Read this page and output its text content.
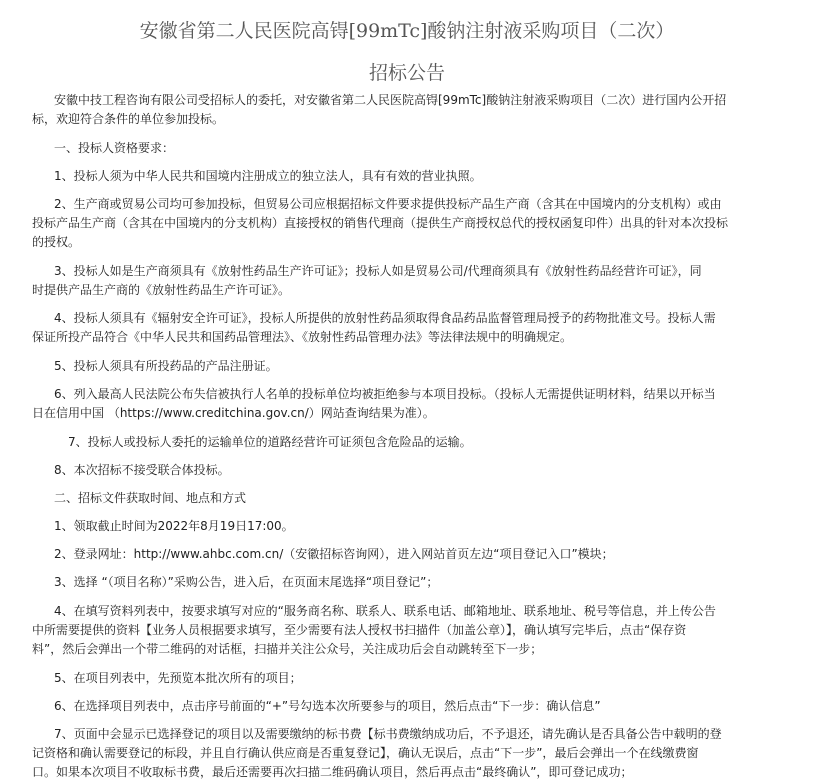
安徽省第二人民医院高锝[99mTc]酸钠注射液采购项目（二次）
招标公告
安徽中技工程咨询有限公司受招标人的委托，对安徽省第二人民医院高锝[99mTc]酸钠注射液采购项目（二次）进行国内公开招
标，欢迎符合条件的单位参加投标。
一、投标人资格要求：
1、投标人须为中华人民共和国境内注册成立的独立法人，具有有效的营业执照。
2、生产商或贸易公司均可参加投标，但贸易公司应根据招标文件要求提供投标产品生产商（含其在中国境内的分支机构）或由
投标产品生产商（含其在中国境内的分支机构）直接授权的销售代理商（提供生产商授权总代的授权函复印件）出具的针对本次投标
的授权。
3、投标人如是生产商须具有《放射性药品生产许可证》；投标人如是贸易公司/代理商须具有《放射性药品经营许可证》，同
时提供产品生产商的《放射性药品生产许可证》。
4、投标人须具有《辐射安全许可证》，投标人所提供的放射性药品须取得食品药品监督管理局授予的药物批准文号。投标人需
保证所投产品符合《中华人民共和国药品管理法》、《放射性药品管理办法》等法律法规中的明确规定。
5、投标人须具有所投药品的产品注册证。
6、列入最高人民法院公布失信被执行人名单的投标单位均被拒绝参与本项目投标。（投标人无需提供证明材料，结果以开标当
日在信用中国 （https://www.creditchina.gov.cn/）网站查询结果为准）。
7、投标人或投标人委托的运输单位的道路经营许可证须包含危险品的运输。
8、本次招标不接受联合体投标。
二、招标文件获取时间、地点和方式
1、领取截止时间为2022年8月19日17:00。
2、登录网址：http://www.ahbc.com.cn/（安徽招标咨询网），进入网站首页左边“项目登记入口”模块；
3、选择 “（项目名称）”采购公告，进入后，在页面末尾选择“项目登记”；
4、在填写资料列表中，按要求填写对应的“服务商名称、联系人、联系电话、邮箱地址、联系地址、税号等信息，并上传公告
中所需要提供的资料【业务人员根据要求填写，至少需要有法人授权书扫描件（加盖公章）】，确认填写完毕后，点击“保存资
料”，然后会弹出一个带二维码的对话框，扫描并关注公众号，关注成功后会自动跳转至下一步；
5、在项目列表中，先预览本批次所有的项目；
6、在选择项目列表中，点击序号前面的“+”号勾选本次所要参与的项目，然后点击“下一步：确认信息”
7、页面中会显示已选择登记的项目以及需要缴纳的标书费【标书费缴纳成功后，不予退还，请先确认是否具备公告中载明的登
记资格和确认需要登记的标段，并且自行确认供应商是否重复登记】，确认无误后，点击“下一步”，最后会弹出一个在线缴费窗
口。如果本次项目不收取标书费，最后还需要再次扫描二维码确认项目，然后再点击“最终确认”，即可登记成功；
